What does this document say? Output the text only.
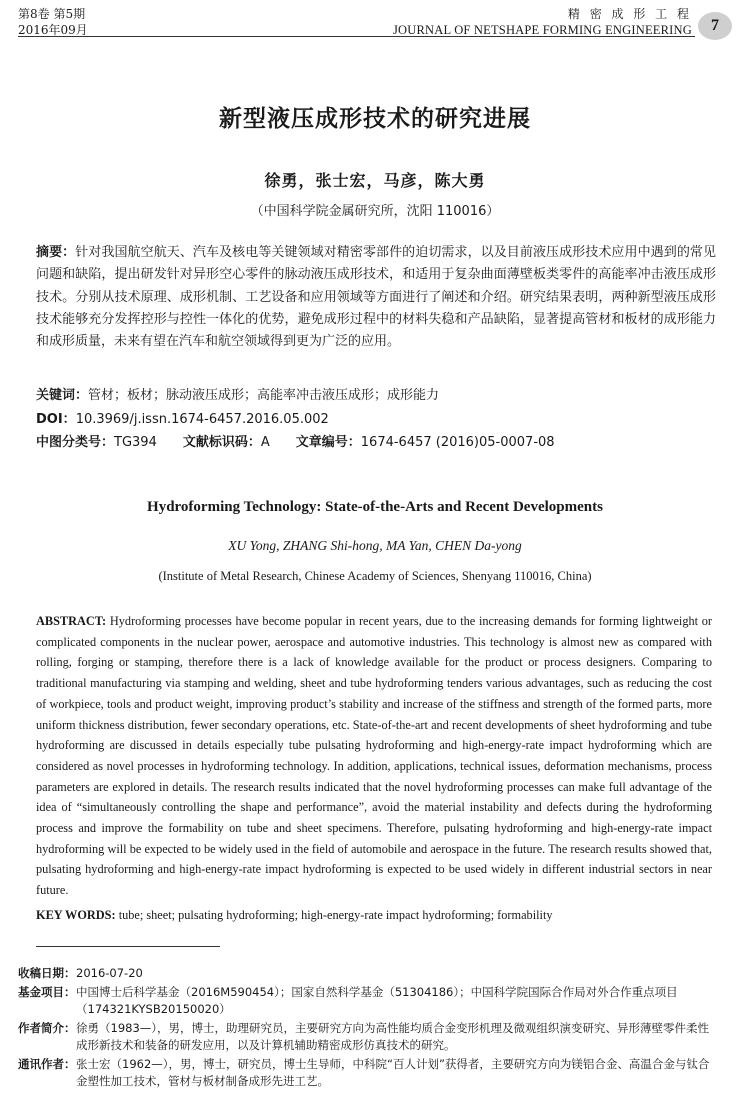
第8卷 第5期
2016年09月
精 密 成 形 工 程
JOURNAL OF NETSHAPE FORMING ENGINEERING	7
新型液压成形技术的研究进展
徐勇，张士宏，马彦，陈大勇
（中国科学院金属研究所，沈阳 110016）
摘要：针对我国航空航天、汽车及核电等关键领域对精密零部件的迫切需求，以及目前液压成形技术应用中遇到的常见问题和缺陷，提出研发针对异形空心零件的脉动液压成形技术，和适用于复杂曲面薄壁板类零件的高能率冲击液压成形技术。分别从技术原理、成形机制、工艺设备和应用领域等方面进行了阐述和介绍。研究结果表明，两种新型液压成形技术能够充分发挥控形与控性一体化的优势，避免成形过程中的材料失稳和产品缺陷，显著提高管材和板材的成形能力和成形质量，未来有望在汽车和航空领域得到更为广泛的应用。
关键词：管材；板材；脉动液压成形；高能率冲击液压成形；成形能力
DOI：10.3969/j.issn.1674-6457.2016.05.002
中图分类号：TG394 文献标识码：A 文章编号：1674-6457 (2016)05-0007-08
Hydroforming Technology: State-of-the-Arts and Recent Developments
XU Yong, ZHANG Shi-hong, MA Yan, CHEN Da-yong
(Institute of Metal Research, Chinese Academy of Sciences, Shenyang 110016, China)
ABSTRACT: Hydroforming processes have become popular in recent years, due to the increasing demands for forming lightweight or complicated components in the nuclear power, aerospace and automotive industries. This technology is almost new as compared with rolling, forging or stamping, therefore there is a lack of knowledge available for the product or process designers. Comparing to traditional manufacturing via stamping and welding, sheet and tube hydroforming tenders various advantages, such as reducing the cost of workpiece, tools and product weight, improving product’s stability and increase of the stiffness and strength of the formed parts, more uniform thickness distribution, fewer secondary operations, etc. State-of-the-art and recent developments of sheet hydroforming and tube hydroforming are discussed in details especially tube pulsating hydroforming and high-energy-rate impact hydroforming which are considered as novel processes in hydroforming technology. In addition, applications, technical issues, deformation mechanisms, process parameters are explored in details. The research results indicated that the novel hydroforming processes can make full advantage of the idea of “simultaneously controlling the shape and performance”, avoid the material instability and defects during the hydroforming process and improve the formability on tube and sheet specimens. Therefore, pulsating hydroforming and high-energy-rate impact hydroforming will be expected to be widely used in the field of automobile and aerospace in the future. The research results showed that, pulsating hydroforming and high-energy-rate impact hydroforming is expected to be used widely in different industrial sectors in near future.
KEY WORDS: tube; sheet; pulsating hydroforming; high-energy-rate impact hydroforming; formability
收稿日期：2016-07-20
基金项目：中国博士后科学基金（2016M590454）；国家自然科学基金（51304186）；中国科学院国际合作局对外合作重点项目（174321KYSB20150020）
作者简介：徐勇（1983—），男，博士，助理研究员，主要研究方向为高性能均质合金变形机理及微观组织演变研究、异形薄壁零件柔性成形新技术和装备的研发应用，以及计算机辅助精密成形仿真技术的研究。
通讯作者：张士宏（1962—），男，博士，研究员，博士生导师，中科院“百人计划”获得者，主要研究方向为镁铝合金、高温合金与钛合金塑性加工技术，管材与板材制备成形先进工艺。
